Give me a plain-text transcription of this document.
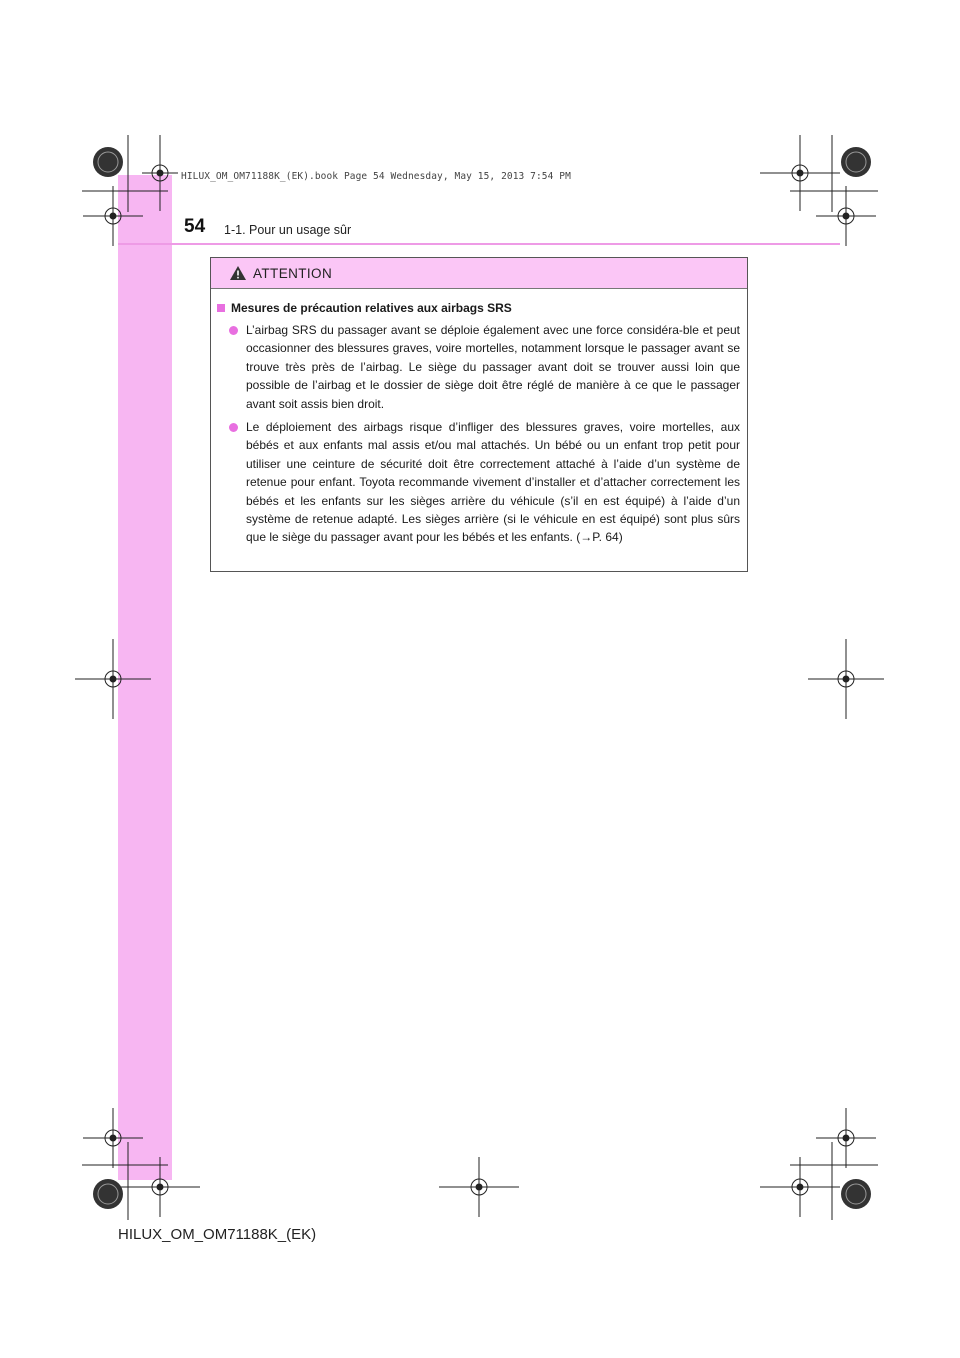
HILUX_OM_OM71188K_(EK).book Page 54 Wednesday, May 15, 2013 7:54 PM
54 1-1. Pour un usage sûr
ATTENTION
Mesures de précaution relatives aux airbags SRS
L’airbag SRS du passager avant se déploie également avec une force considéra-ble et peut occasionner des blessures graves, voire mortelles, notamment lorsque le passager avant se trouve très près de l’airbag. Le siège du passager avant doit se trouver aussi loin que possible de l’airbag et le dossier de siège doit être réglé de manière à ce que le passager avant soit assis bien droit.
Le déploiement des airbags risque d’infliger des blessures graves, voire mortelles, aux bébés et aux enfants mal assis et/ou mal attachés. Un bébé ou un enfant trop petit pour utiliser une ceinture de sécurité doit être correctement attaché à l’aide d’un système de retenue pour enfant. Toyota recommande vivement d’installer et d’attacher correctement les bébés et les enfants sur les sièges arrière du véhicule (s’il en est équipé) à l’aide d’un système de retenue adapté. Les sièges arrière (si le véhicule en est équipé) sont plus sûrs que le siège du passager avant pour les bébés et les enfants. (→P. 64)
HILUX_OM_OM71188K_(EK)
